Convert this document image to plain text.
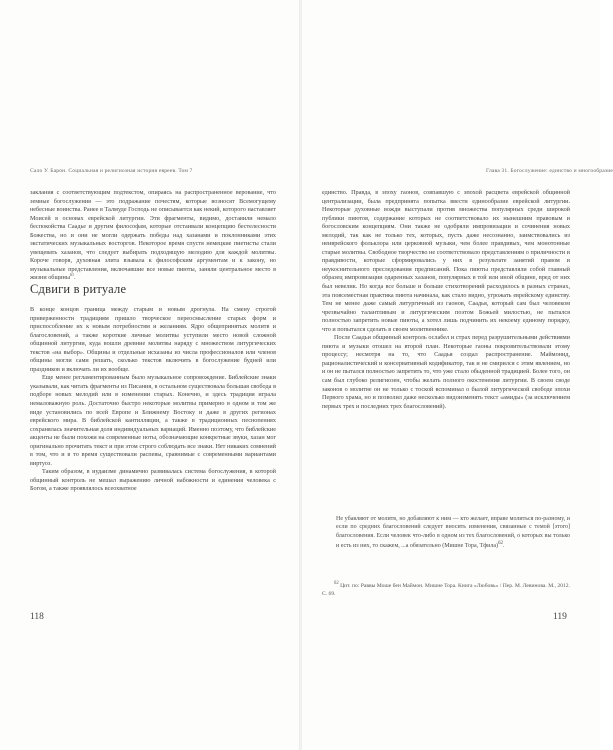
Сало У. Барон. Социальная и религиозная история евреев. Том 7

заклания с соответствующим подтекстом, опираясь на распространенное верование, что земные богослужения — это подражание почестям, которые возносят Всемогущему небесные воинства. Ранее в Талмуде Господь не описывается как некий, которого наставляет Моисей в основах еврейской литургии. Эти фрагменты, видимо, доставили немало беспокойства Саадье и другим философам, которые отстаивали концепцию бестелесности Божества, но и они не могли одержать победы над хазанами и поклонниками этих экстатических музыкальных восторгов. Некоторое время спустя немецкие пиетисты стали увещевать хазанов, что следует выбирать подходящую мелодию для каждой молитвы. Короче говоря, духовная элита взывала к философским аргументам и к закону, но музыкальные представления, включавшие все новые пиюты, заняли центральное место в жизни общины$^{61}$.

Сдвиги в ритуале

В конце концов граница между старым и новым дрогнула. На смену строгой приверженности традициям пришло творческое переосмысление старых форм и приспособление их к новым потребностям и желаниям. Ядро общепринятых молитв и благословений, а также короткие личные молитвы уступили место новой сложной общинной литургии, куда вошли древние молитвы наряду с множеством литургических текстов «на выбор». Общины и отдельные исхазаны из числа профессионалов или членов общины могли сами решать, сколько текстов включить в богослужение будней или праздников и включать ли их вообще.

Еще менее регламентированным было музыкальное сопровождение. Библейские знаки указывали, как читать фрагменты из Писания, в остальном существовала большая свобода в подборе новых мелодий или в изменении старых. Конечно, и здесь традиция играла немаловажную роль. Достаточно быстро некоторые молитвы примерно в одном и том же виде установились по всей Европе и Ближнему Востоку и даже в других регионах еврейского мира. В библейской кантилляции, а также в традиционных песнопениях сохранялась значительная доля индивидуальных вариаций. Именно поэтому, что библейские акценты не были похожи на современные ноты, обозначающие конкретные звуки, хазан мог оригинально прочитать текст и при этом строго соблюдать все знаки. Нет никаких сомнений в том, что и в то время существовали распевы, сравнимые с современными вариантами виртуоз.

Таким образом, в иудаизме динамично развивалась система богослужения, в которой общинный контроль не мешал выражению личной набожности и единения человека с Богом, а также проявлялось всеохватное

118
Глава 31. Богослужение: единство и многообразие

единство. Правда, в эпоху гаонов, совпавшую с эпохой расцвета еврейской общинной централизации, была предпринята попытка ввести единообразие еврейской литургии. Некоторые духовные вожди выступали против множества популярных среди широкой публики пиютов, содержание которых не соответствовало их нынешним правовым и богословским концепциям. Они также не одобряли импровизации и сочинения новых мелодий, так как не только тех, которых, пусть даже несознанно, заимствовались из неиврейского фольклора или церковной музыки, чем более правдивых, чем монотонные старые молитвы. Свободное творчество не соответствовало представлениям о приличности и правдивости, которые сформировались у них в результате занятий правом и неукоснительного преследования предписаний. Пока пиюты представляли собой главный образец импровизации одаренных хазанов, популярных в той или иной общине, вред от них был невелик. Но когда все больше и больше стихотворений расходилось в разных странах, эта повсеместная практика пиюта начинала, как стало видно, угрожать еврейскому единству. Тем не менее даже самый литургичный из гаонов, Саадья, который сам был человеком чрезвычайно талантливым и литургическим поэтом Божьей милостью, не пытался полностью запретить новые пиюты, а хотел лишь подчинить их некоему единому порядку, что и попытался сделать в своем молитвеннике.

После Саадьи общинный контроль ослабел и страх перед разрушительными действиями пиюта и музыки отошел на второй план. Некоторые гаоны покровительствовали этому процессу; несмотря на то, что Саадья создал распространение. Маймонид, рационалистический и консервативный кодификатор, так и не смирился с этим явлением, но и он не пытался полностью запретить то, что уже стало обыденной традицией. Более того, он сам был глубоко религиозен, чтобы желать полного окостенения литургии. В своем своде законов о молитве он не только с тоской вспоминал о былой литургической свободе эпохи Первого храма, но и позволил даже несколько видоизменять текст «амиды» (за исключением первых трех и последних трех благословений).

Не убавляют от молитв, но добавляют к ним — кто желает, вправе молиться по-разному, и если по средних благословений следует вносить изменения, связанные с темой [этого] благословения. Если человек что-либо в одном из тех благословений, о которых вы только и есть из них, то скажем, ...а обязательно (Мишне Тора, Тфила)$^{62}$.

$^{62}$ Цит. по: Раввы Моше бен Маймон. Мишне Тора. Книга «Любовь» / Пер. М. Левинова. М., 2012. С. 69.

119
